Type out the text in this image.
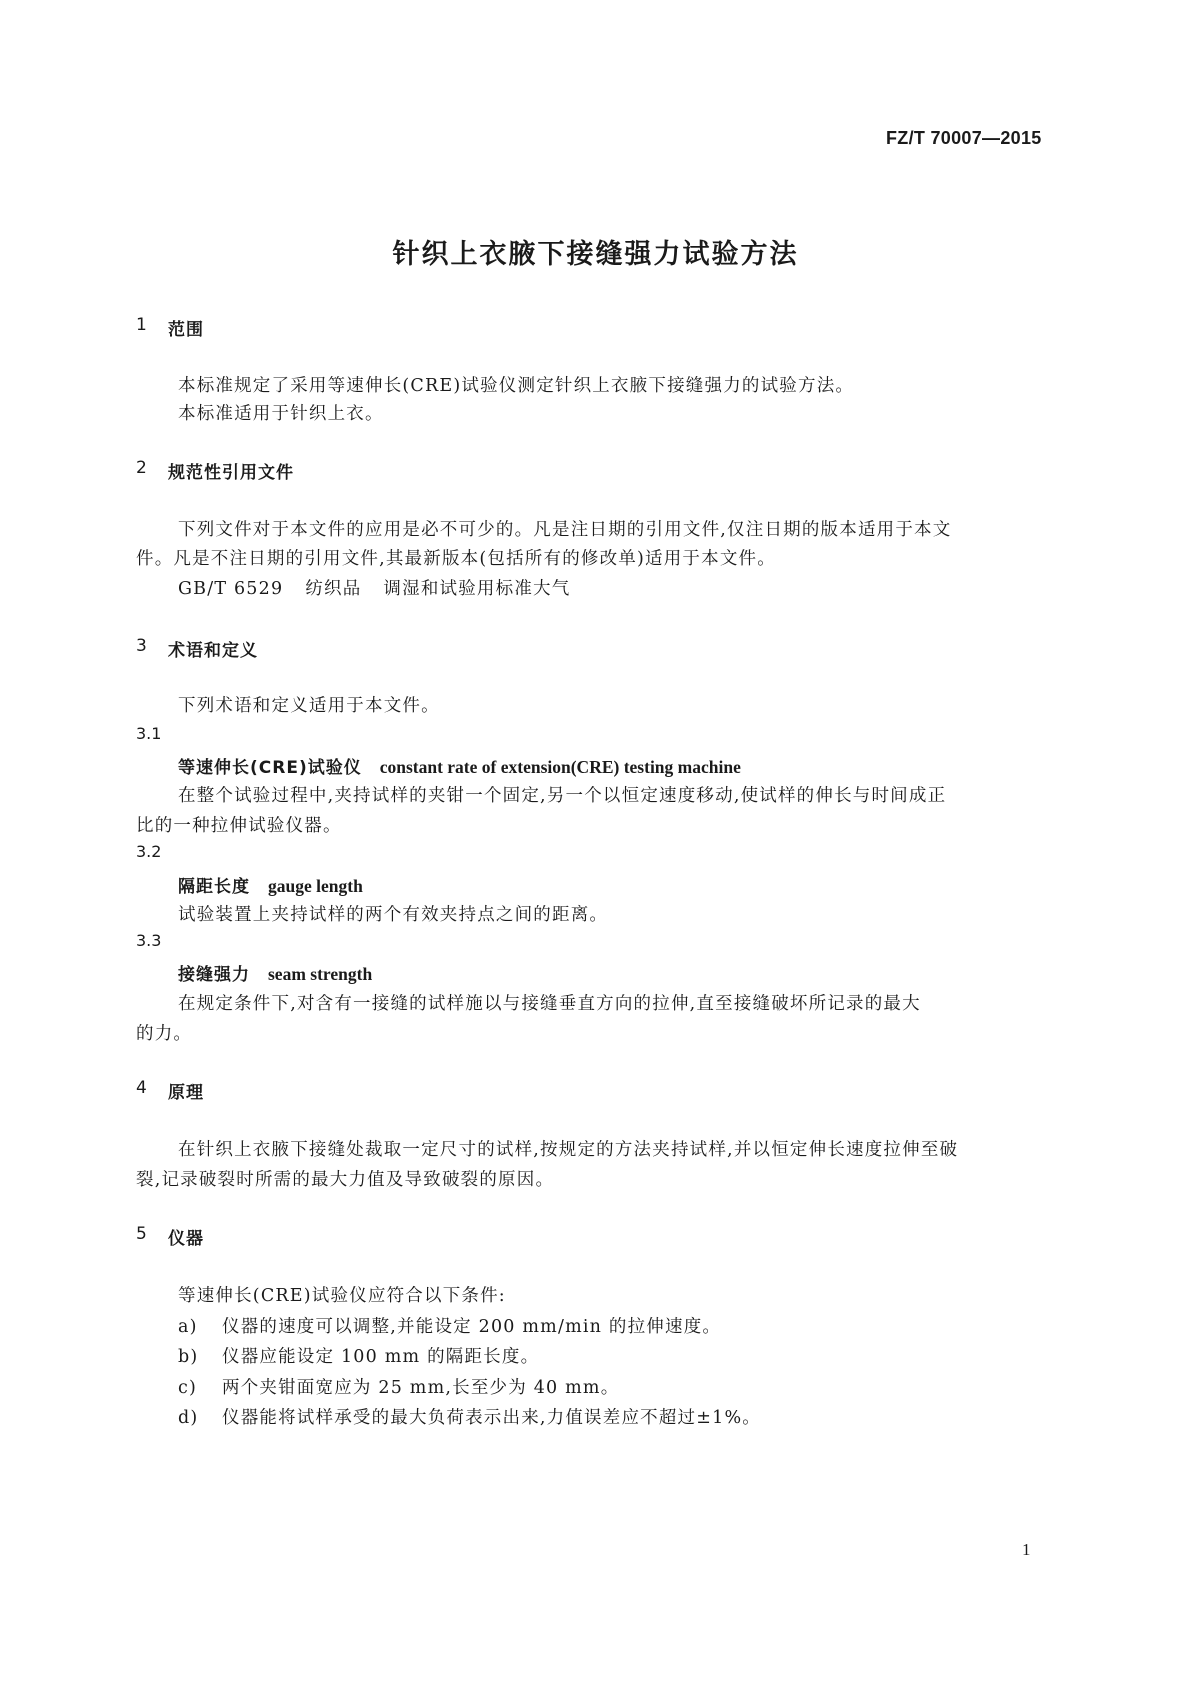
FZ/T 70007—2015
针织上衣腋下接缝强力试验方法
1 范围
本标准规定了采用等速伸长(CRE)试验仪测定针织上衣腋下接缝强力的试验方法。
本标准适用于针织上衣。
2 规范性引用文件
下列文件对于本文件的应用是必不可少的。凡是注日期的引用文件,仅注日期的版本适用于本文
件。凡是不注日期的引用文件,其最新版本(包括所有的修改单)适用于本文件。
GB/T 6529 纺织品 调湿和试验用标准大气
3 术语和定义
下列术语和定义适用于本文件。
3.1
等速伸长(CRE)试验仪 constant rate of extension(CRE) testing machine
在整个试验过程中,夹持试样的夹钳一个固定,另一个以恒定速度移动,使试样的伸长与时间成正
比的一种拉伸试验仪器。
3.2
隔距长度 gauge length
试验装置上夹持试样的两个有效夹持点之间的距离。
3.3
接缝强力 seam strength
在规定条件下,对含有一接缝的试样施以与接缝垂直方向的拉伸,直至接缝破坏所记录的最大
的力。
4 原理
在针织上衣腋下接缝处裁取一定尺寸的试样,按规定的方法夹持试样,并以恒定伸长速度拉伸至破
裂,记录破裂时所需的最大力值及导致破裂的原因。
5 仪器
等速伸长(CRE)试验仪应符合以下条件:
a) 仪器的速度可以调整,并能设定 200 mm/min 的拉伸速度。
b) 仪器应能设定 100 mm 的隔距长度。
c) 两个夹钳面宽应为 25 mm,长至少为 40 mm。
d) 仪器能将试样承受的最大负荷表示出来,力值误差应不超过±1%。
1
